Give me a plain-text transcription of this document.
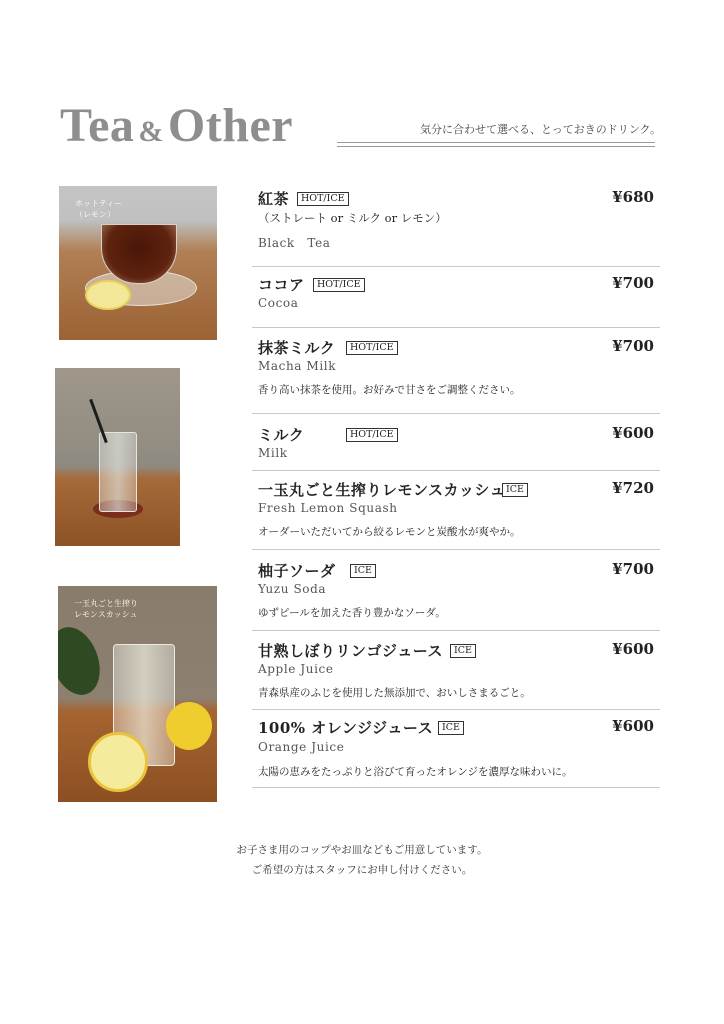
Tea &Other	気分に合わせて選べる、とっておきのドリンク。
ホットティー
（レモン）
一玉丸ごと生搾り
レモンスカッシュ
紅茶	HOT/ICE	¥680
（ストレート or ミルク or レモン）
Black　Tea
ココア	HOT/ICE	¥700
Cocoa
抹茶ミルク	HOT/ICE	¥700
Macha Milk
香り高い抹茶を使用。お好みで甘さをご調整ください。
ミルク	HOT/ICE	¥600
Milk
一玉丸ごと生搾りレモンスカッシュ ICE	¥720
Fresh Lemon Squash
オーダーいただいてから絞るレモンと炭酸水が爽やか。
柚子ソーダ	ICE	¥700
Yuzu Soda
ゆずピールを加えた香り豊かなソーダ。
甘熟しぼりリンゴジュース	ICE	¥600
Apple Juice
青森県産のふじを使用した無添加で、おいしさまるごと。
100% オレンジジュース ICE	¥600
Orange Juice
太陽の恵みをたっぷりと浴びて育ったオレンジを濃厚な味わいに。
お子さま用のコップやお皿などもご用意しています。
ご希望の方はスタッフにお申し付けください。
